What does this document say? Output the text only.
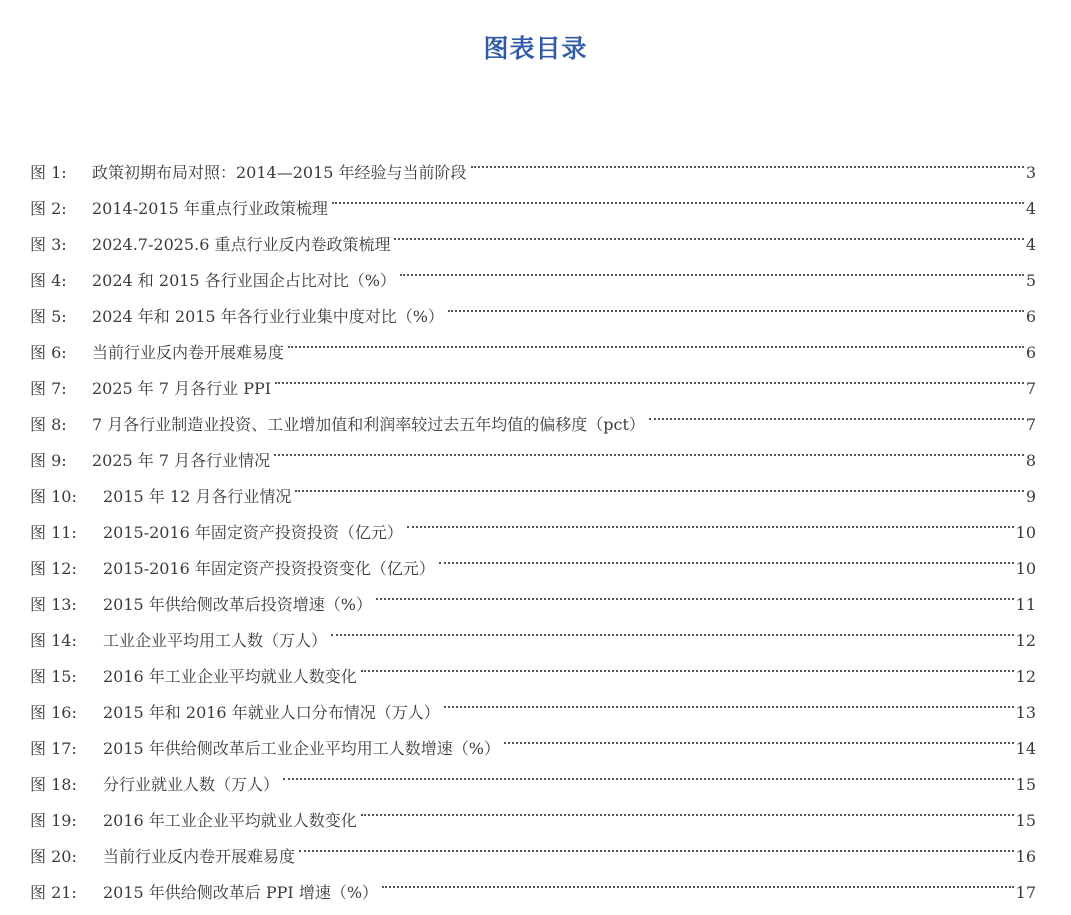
图表目录
图 1:	政策初期布局对照：2014—2015 年经验与当前阶段	3
图 2:	2014-2015 年重点行业政策梳理	4
图 3:	2024.7-2025.6 重点行业反内卷政策梳理	4
图 4:	2024 和 2015 各行业国企占比对比（%）	5
图 5:	2024 年和 2015 年各行业行业集中度对比（%）	6
图 6:	当前行业反内卷开展难易度	6
图 7:	2025 年 7 月各行业 PPI	7
图 8:	7 月各行业制造业投资、工业增加值和利润率较过去五年均值的偏移度（pct）	7
图 9:	2025 年 7 月各行业情况	8
图 10:	2015 年 12 月各行业情况	9
图 11:	2015-2016 年固定资产投资投资（亿元）	10
图 12:	2015-2016 年固定资产投资投资变化（亿元）	10
图 13:	2015 年供给侧改革后投资增速（%）	11
图 14:	工业企业平均用工人数（万人）	12
图 15:	2016 年工业企业平均就业人数变化	12
图 16:	2015 年和 2016 年就业人口分布情况（万人）	13
图 17:	2015 年供给侧改革后工业企业平均用工人数增速（%）	14
图 18:	分行业就业人数（万人）	15
图 19:	2016 年工业企业平均就业人数变化	15
图 20:	当前行业反内卷开展难易度	16
图 21:	2015 年供给侧改革后 PPI 增速（%）	17
